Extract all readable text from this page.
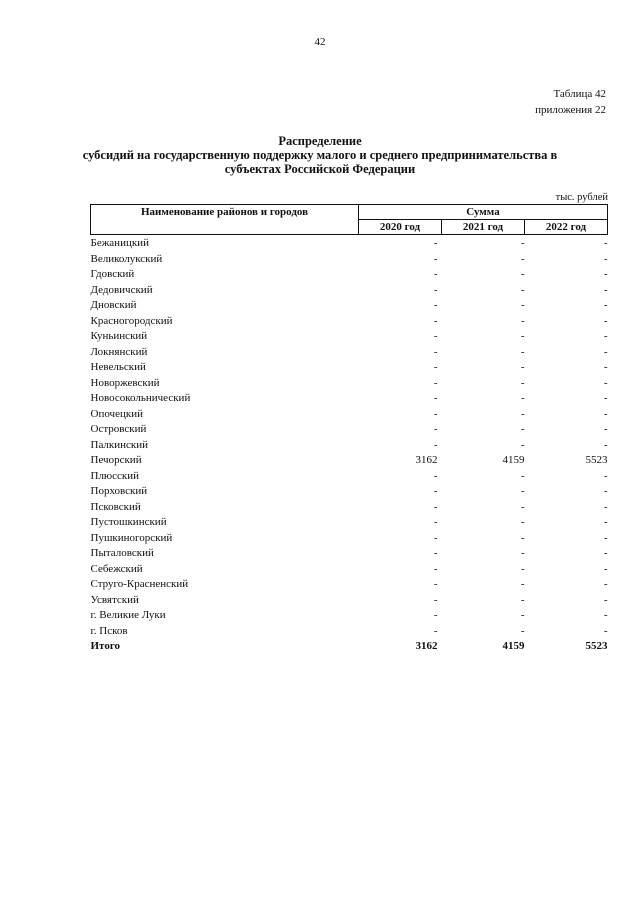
42
Таблица 42
приложения 22
Распределение
субсидий на государственную поддержку малого и среднего предпринимательства в
субъектах Российской Федерации
тыс. рублей
Наименование районов и городов	Сумма		
	2020 год	2021 год	2022 год
Бежаницкий	-	-	-
Великолукский	-	-	-
Гдовский	-	-	-
Дедовичский	-	-	-
Дновский	-	-	-
Красногородский	-	-	-
Куньинский	-	-	-
Локнянский	-	-	-
Невельский	-	-	-
Новоржевский	-	-	-
Новосокольнический	-	-	-
Опочецкий	-	-	-
Островский	-	-	-
Палкинский	-	-	-
Печорский	3162	4159	5523
Плюсский	-	-	-
Порховский	-	-	-
Псковский	-	-	-
Пустошкинский	-	-	-
Пушкиногорский	-	-	-
Пыталовский	-	-	-
Себежский	-	-	-
Струго-Красненский	-	-	-
Усвятский	-	-	-
г. Великие Луки	-	-	-
г. Псков	-	-	-
Итого	3162	4159	5523
